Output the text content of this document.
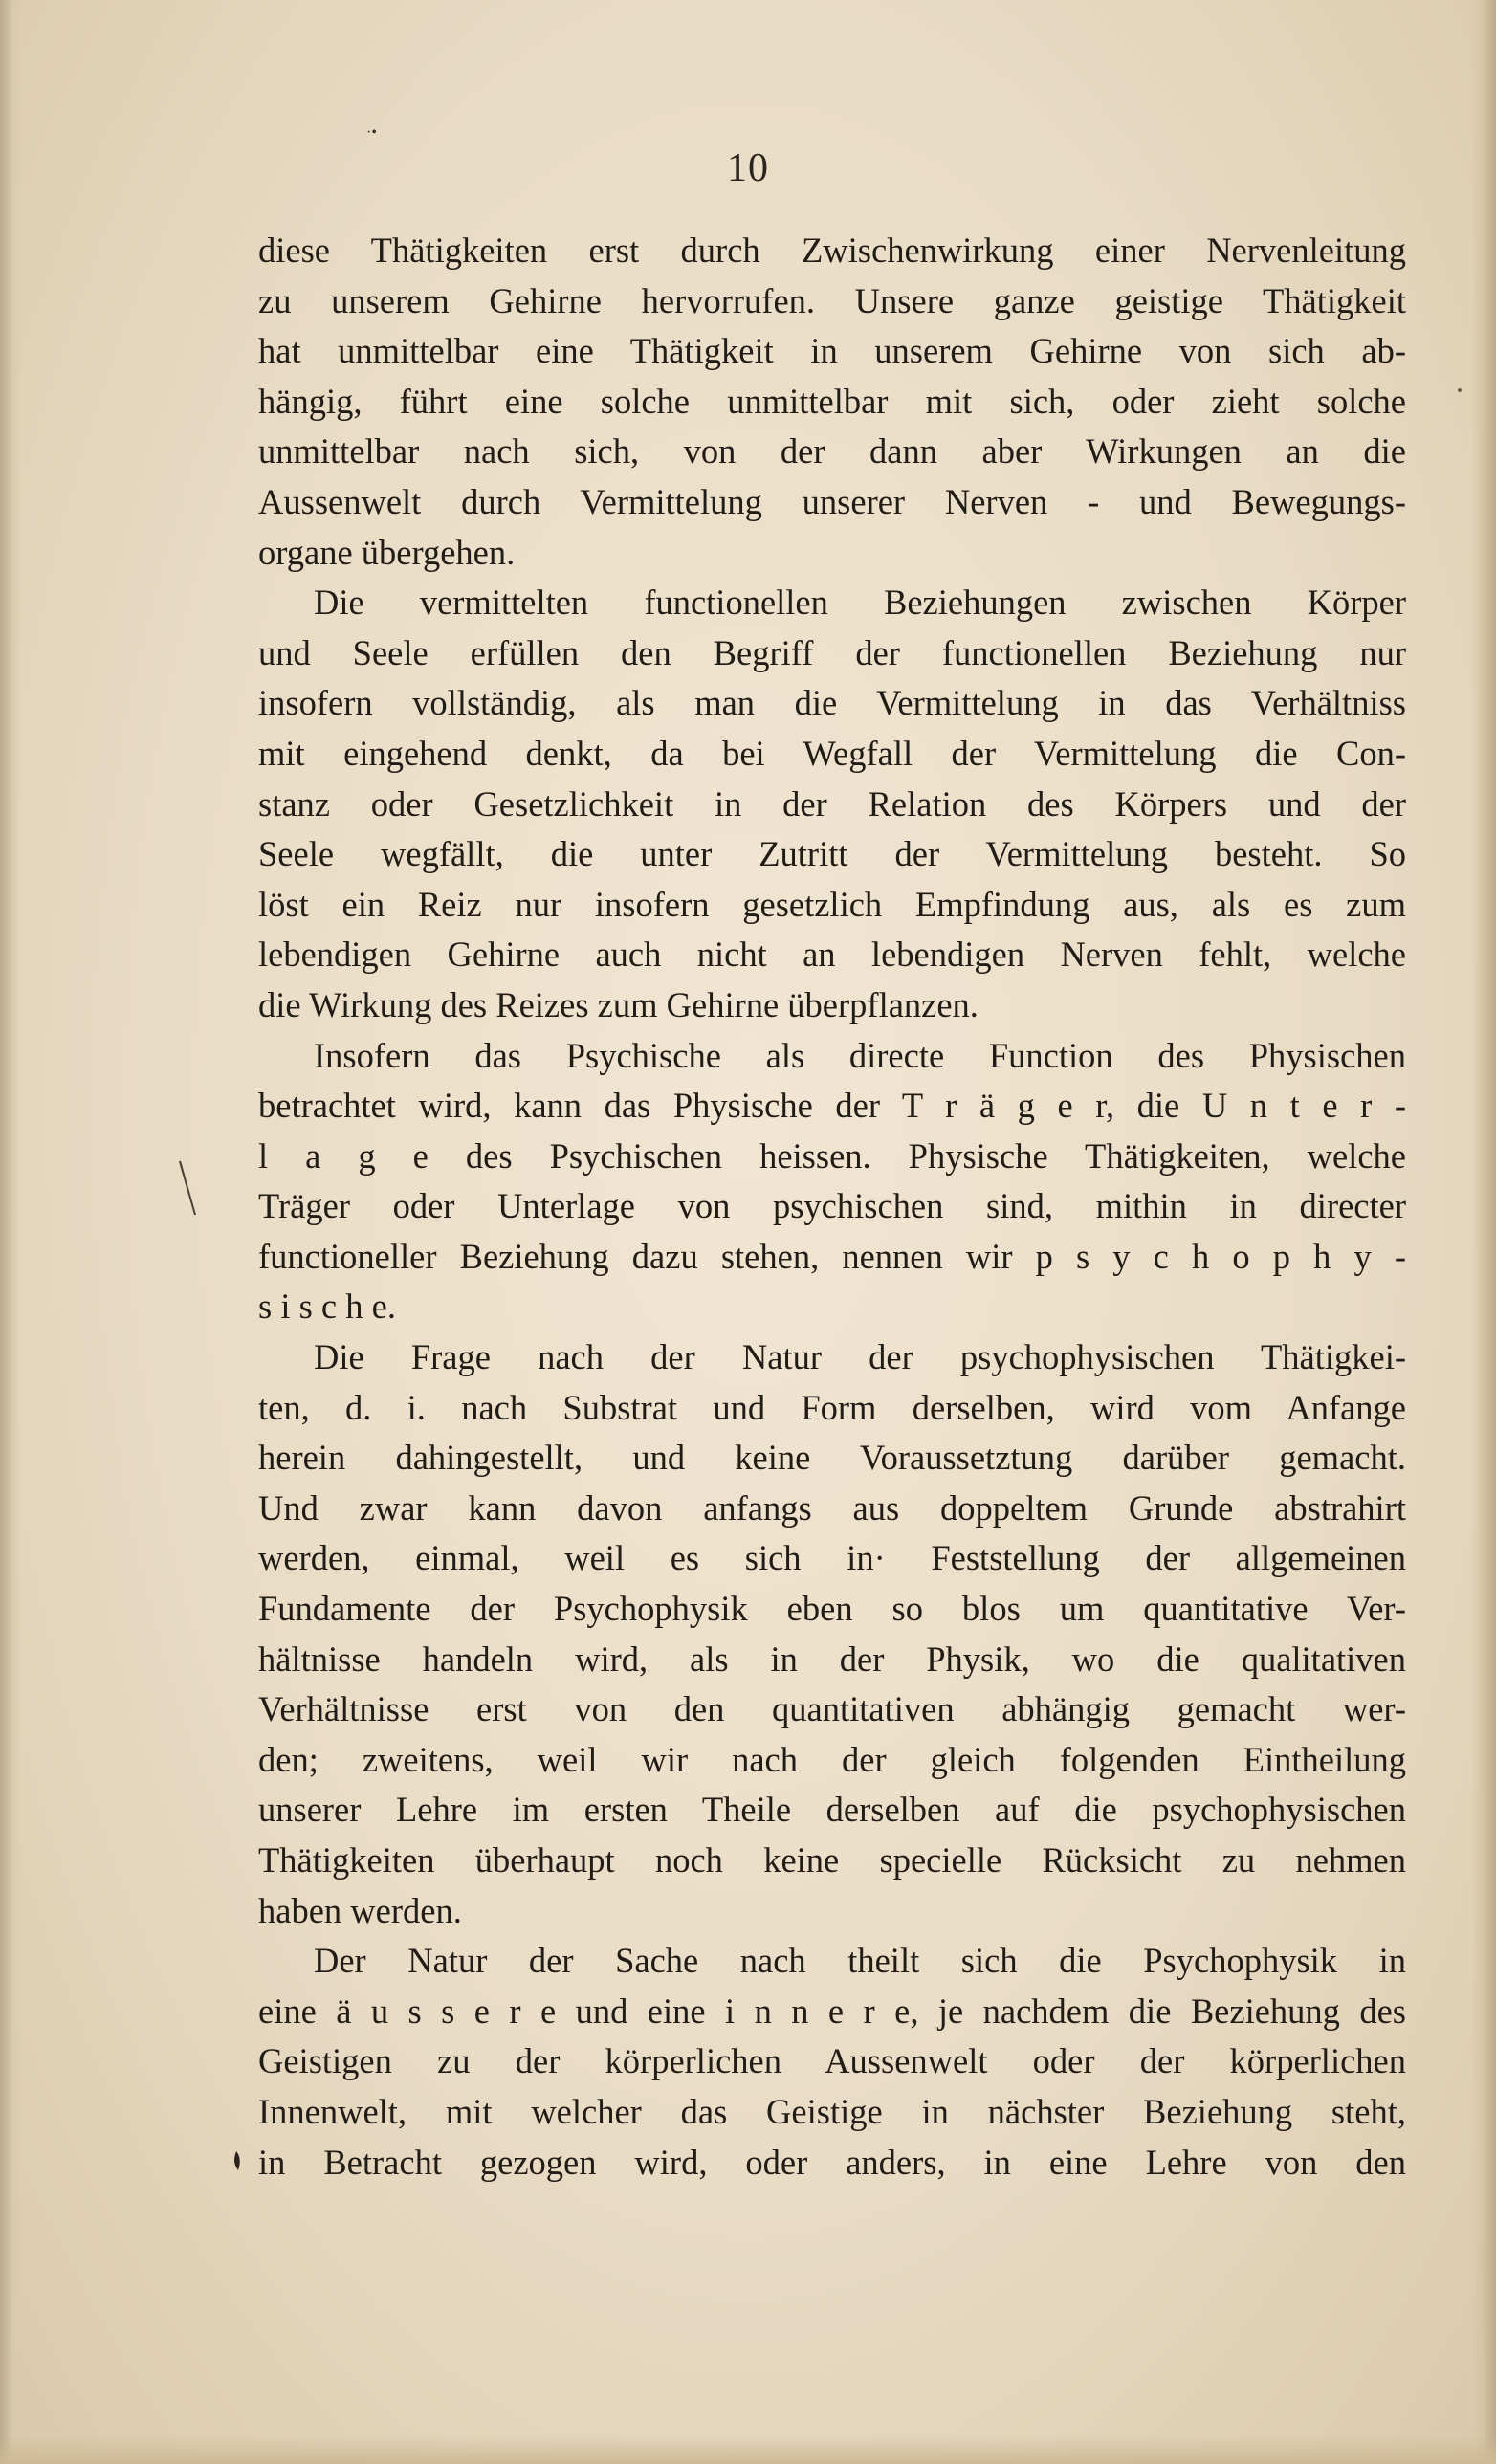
·•
10
diese Thätigkeiten erst durch Zwischenwirkung einer Nervenleitung
zu unserem Gehirne hervorrufen. Unsere ganze geistige Thätigkeit
hat unmittelbar eine Thätigkeit in unserem Gehirne von sich ab-
hängig, führt eine solche unmittelbar mit sich, oder zieht solche
unmittelbar nach sich, von der dann aber Wirkungen an die
Aussenwelt durch Vermittelung unserer Nerven - und Bewegungs-
organe übergehen.
Die vermittelten functionellen Beziehungen zwischen Körper
und Seele erfüllen den Begriff der functionellen Beziehung nur
insofern vollständig, als man die Vermittelung in das Verhältniss
mit eingehend denkt, da bei Wegfall der Vermittelung die Con-
stanz oder Gesetzlichkeit in der Relation des Körpers und der
Seele wegfällt, die unter Zutritt der Vermittelung besteht. So
löst ein Reiz nur insofern gesetzlich Empfindung aus, als es zum
lebendigen Gehirne auch nicht an lebendigen Nerven fehlt, welche
die Wirkung des Reizes zum Gehirne überpflanzen.
Insofern das Psychische als directe Function des Physischen
betrachtet wird, kann das Physische der T r ä g e r, die U n t e r -
l a g e des Psychischen heissen. Physische Thätigkeiten, welche
Träger oder Unterlage von psychischen sind, mithin in directer
functioneller Beziehung dazu stehen, nennen wir p s y c h o p h y -
s i s c h e.
Die Frage nach der Natur der psychophysischen Thätigkei-
ten, d. i. nach Substrat und Form derselben, wird vom Anfange
herein dahingestellt, und keine Voraussetztung darüber gemacht.
Und zwar kann davon anfangs aus doppeltem Grunde abstrahirt
werden, einmal, weil es sich in· Feststellung der allgemeinen
Fundamente der Psychophysik eben so blos um quantitative Ver-
hältnisse handeln wird, als in der Physik, wo die qualitativen
Verhältnisse erst von den quantitativen abhängig gemacht wer-
den; zweitens, weil wir nach der gleich folgenden Eintheilung
unserer Lehre im ersten Theile derselben auf die psychophysischen
Thätigkeiten überhaupt noch keine specielle Rücksicht zu nehmen
haben werden.
Der Natur der Sache nach theilt sich die Psychophysik in
eine ä u s s e r e und eine i n n e r e, je nachdem die Beziehung des
Geistigen zu der körperlichen Aussenwelt oder der körperlichen
Innenwelt, mit welcher das Geistige in nächster Beziehung steht,
in Betracht gezogen wird, oder anders, in eine Lehre von den
